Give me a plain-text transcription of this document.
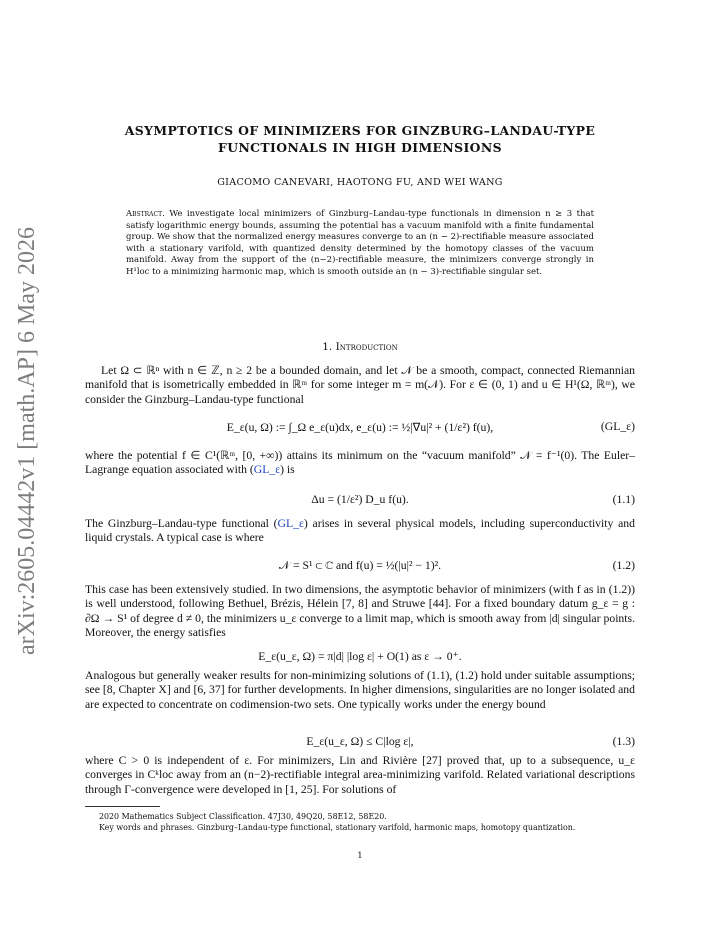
arXiv:2605.04442v1 [math.AP] 6 May 2026
ASYMPTOTICS OF MINIMIZERS FOR GINZBURG–LANDAU-TYPE
FUNCTIONALS IN HIGH DIMENSIONS
GIACOMO CANEVARI, HAOTONG FU, AND WEI WANG
Abstract. We investigate local minimizers of Ginzburg–Landau-type functionals in dimension n ≥ 3 that satisfy logarithmic energy bounds, assuming the potential has a vacuum manifold with a finite fundamental group. We show that the normalized energy measures converge to an (n − 2)-rectifiable measure associated with a stationary varifold, with quantized density determined by the homotopy classes of the vacuum manifold. Away from the support of the (n−2)-rectifiable measure, the minimizers converge strongly in H¹loc to a minimizing harmonic map, which is smooth outside an (n − 3)-rectifiable singular set.
1. Introduction
Let Ω ⊂ ℝⁿ with n ∈ ℤ, n ≥ 2 be a bounded domain, and let 𝒩 be a smooth, compact, connected Riemannian manifold that is isometrically embedded in ℝᵐ for some integer m = m(𝒩). For ε ∈ (0, 1) and u ∈ H¹(Ω, ℝᵐ), we consider the Ginzburg–Landau-type functional
E_ε(u, Ω) := ∫_Ω e_ε(u)dx, e_ε(u) := ½|∇u|² + (1/ε²) f(u),	(GL_ε)
where the potential f ∈ C¹(ℝᵐ, [0, +∞)) attains its minimum on the “vacuum manifold” 𝒩 = f⁻¹(0). The Euler–Lagrange equation associated with (GL_ε) is
Δu = (1/ε²) D_u f(u).	(1.1)
The Ginzburg–Landau-type functional (GL_ε) arises in several physical models, including superconductivity and liquid crystals. A typical case is where
𝒩 = S¹ ⊂ ℂ and f(u) = ½(|u|² − 1)².	(1.2)
This case has been extensively studied. In two dimensions, the asymptotic behavior of minimizers (with f as in (1.2)) is well understood, following Bethuel, Brézis, Hélein [7, 8] and Struwe [44]. For a fixed boundary datum g_ε = g : ∂Ω → S¹ of degree d ≠ 0, the minimizers u_ε converge to a limit map, which is smooth away from |d| singular points. Moreover, the energy satisfies
E_ε(u_ε, Ω) = π|d| |log ε| + O(1) as ε → 0⁺.
Analogous but generally weaker results for non-minimizing solutions of (1.1), (1.2) hold under suitable assumptions; see [8, Chapter X] and [6, 37] for further developments. In higher dimensions, singularities are no longer isolated and are expected to concentrate on codimension-two sets. One typically works under the energy bound
E_ε(u_ε, Ω) ≤ C|log ε|,	(1.3)
where C > 0 is independent of ε. For minimizers, Lin and Rivière [27] proved that, up to a subsequence, u_ε converges in Cᵏloc away from an (n−2)-rectifiable integral area-minimizing varifold. Related variational descriptions through Γ-convergence were developed in [1, 25]. For solutions of
2020 Mathematics Subject Classification. 47J30, 49Q20, 58E12, 58E20.
Key words and phrases. Ginzburg–Landau-type functional, stationary varifold, harmonic maps, homotopy quantization.
1
